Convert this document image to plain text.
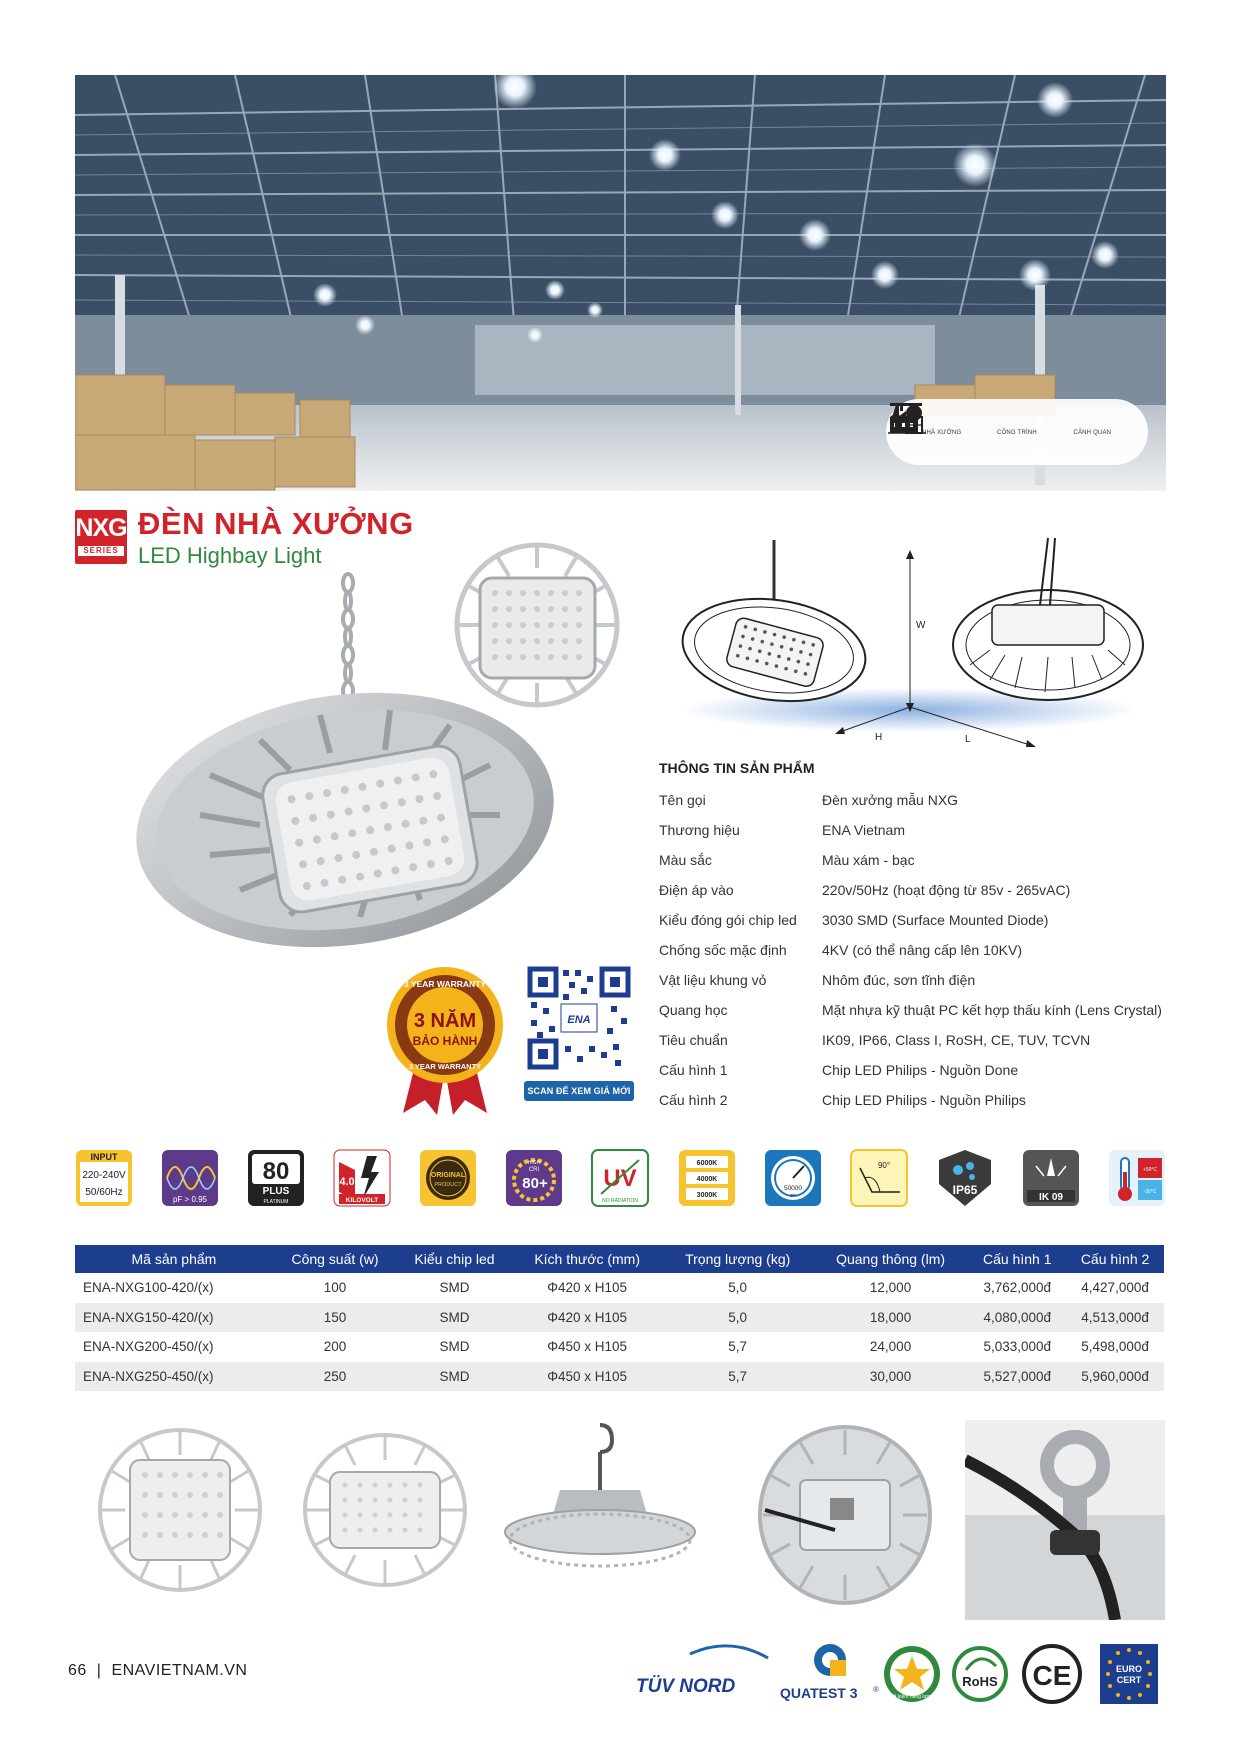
NHÀ XƯỞNG	CÔNG TRÌNH	CẢNH QUAN
NXG
SERIES
ĐÈN NHÀ XƯỞNG
LED Highbay Light
W
H	L
THÔNG TIN SẢN PHẨM
Tên gọi	Đèn xưởng mẫu NXG
Thương hiệu	ENA Vietnam
Màu sắc	Màu xám - bạc
Điện áp vào	220v/50Hz (hoạt động từ 85v - 265vAC)
Kiểu đóng gói chip led	3030 SMD (Surface Mounted Diode)
Chống sốc mặc định	4KV (có thể nâng cấp lên 10KV)
Vật liệu khung vỏ	Nhôm đúc, sơn tĩnh điện
Quang học	Mặt nhựa kỹ thuật PC kết hợp thấu kính (Lens Crystal)
Tiêu chuẩn	IK09, IP66, Class I, RoSH, CE, TUV, TCVN
Cấu hình 1	Chip LED Philips - Nguồn Done
Cấu hình 2	Chip LED Philips - Nguồn Philips
3 YEAR WARRANTY
3 NĂM
BẢO HÀNH
3 YEAR WARRANTY
ENA
SCAN ĐỂ XEM GIÁ MỚI
INPUT
220-240V
50/60Hz
pF > 0.95
80
PLUS
PLATINUM
4.0
KILOVOLT
ORIGINAL
PRODUCT
HIGH
CRI
80+ UV
NO RADIATION
6000K
4000K
3000K
50000
giờ
90°
IP65
IK 09
+50°C
-30°C
Mã sản phẩm	Công suất (w)	Kiểu chip led	Kích thước (mm)	Trọng lượng (kg)	Quang thông (lm)	Cấu hình 1	Cấu hình 2
ENA-NXG100-420/(x)	100	SMD	Φ420 x H105	5,0	12,000	3,762,000đ	4,427,000đ
ENA-NXG150-420/(x)	150	SMD	Φ420 x H105	5,0	18,000	4,080,000đ	4,513,000đ
ENA-NXG200-450/(x)	200	SMD	Φ450 x H105	5,7	24,000	5,033,000đ	5,498,000đ
ENA-NXG250-450/(x)	250	SMD	Φ450 x H105	5,7	30,000	5,527,000đ	5,960,000đ
66 | ENAVIETNAM.VN
TÜV NORD	QUATEST 3 ®
Tiết kiệm năng lượng
RoHS CE	EURO
CERT
